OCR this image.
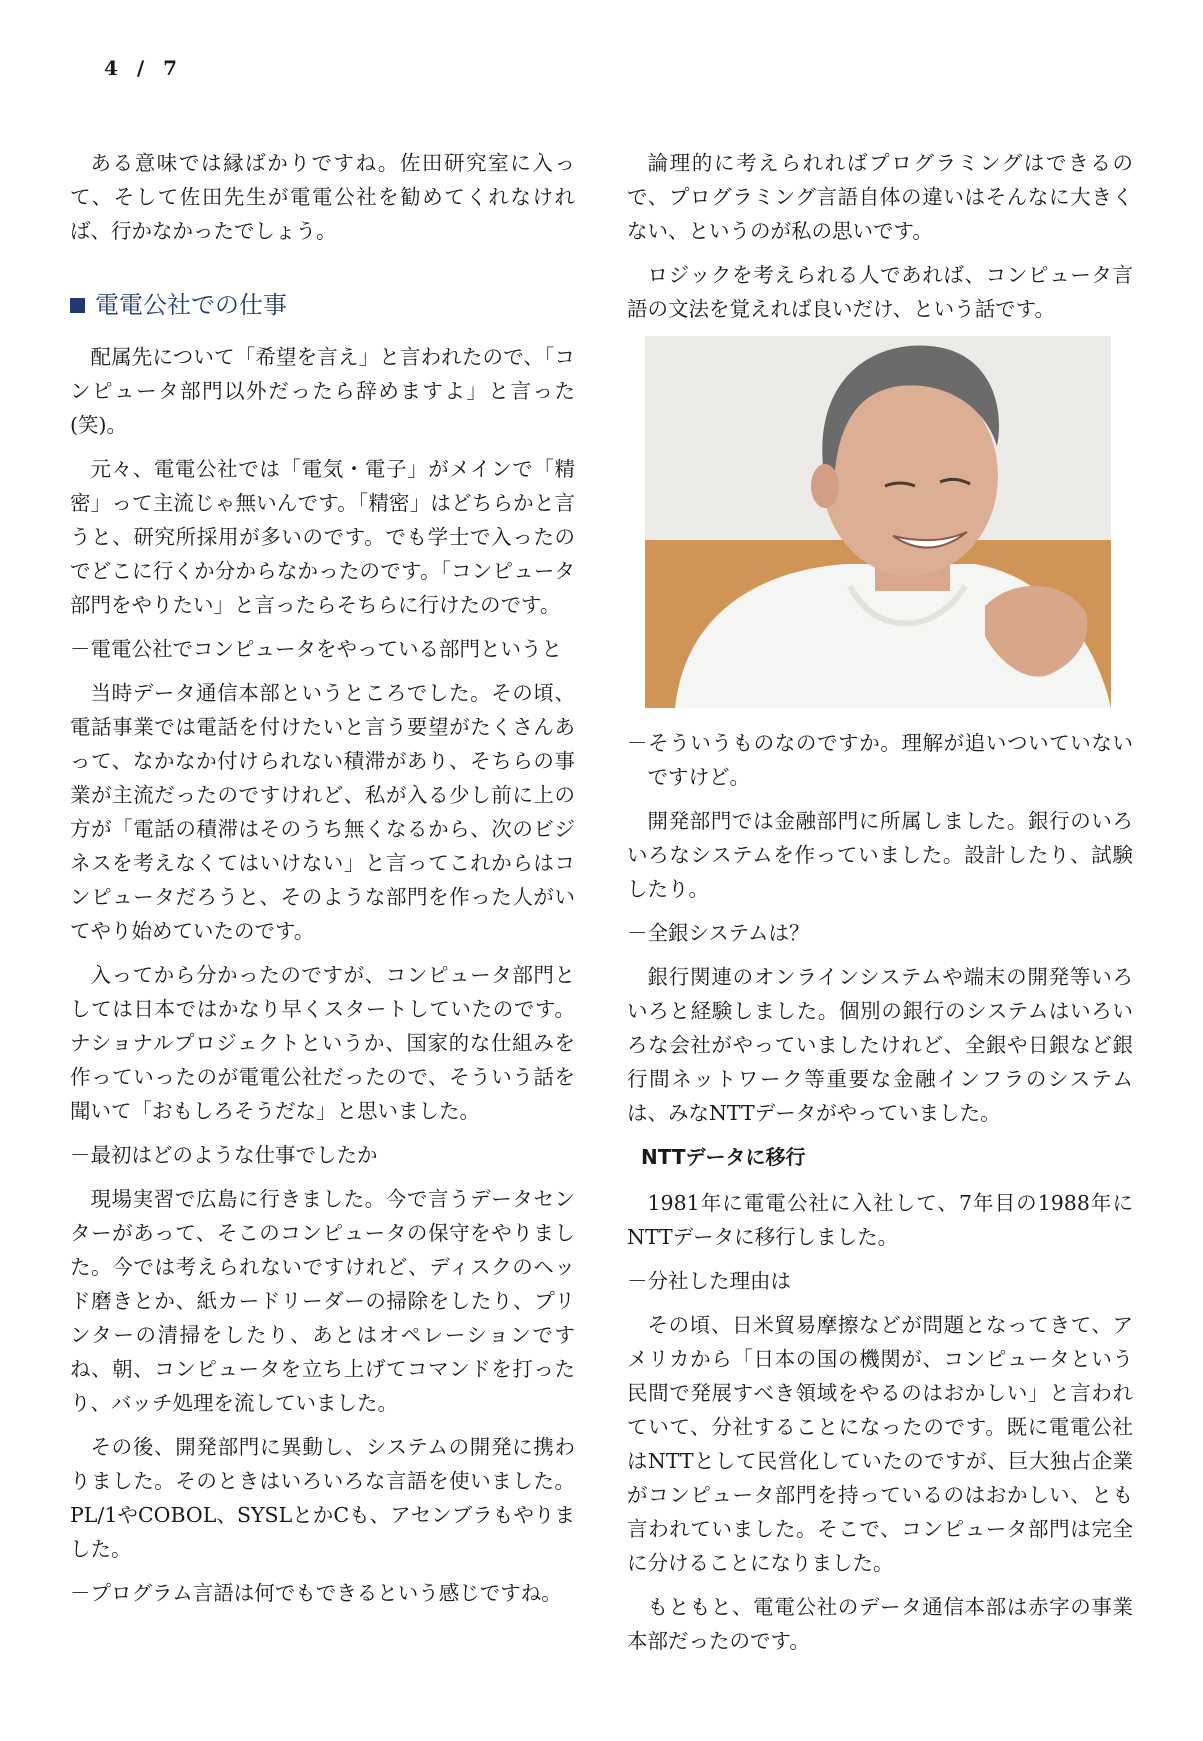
4 / 7

ある意味では縁ばかりですね。佐田研究室に入って、そして佐田先生が電電公社を勧めてくれなければ、行かなかったでしょう。

電電公社での仕事

配属先について「希望を言え」と言われたので、「コンピュータ部門以外だったら辞めますよ」と言った(笑)。

元々、電電公社では「電気・電子」がメインで「精密」って主流じゃ無いんです。「精密」はどちらかと言うと、研究所採用が多いのです。でも学士で入ったのでどこに行くか分からなかったのです。「コンピュータ部門をやりたい」と言ったらそちらに行けたのです。

－電電公社でコンピュータをやっている部門というと

当時データ通信本部というところでした。その頃、電話事業では電話を付けたいと言う要望がたくさんあって、なかなか付けられない積滞があり、そちらの事業が主流だったのですけれど、私が入る少し前に上の方が「電話の積滞はそのうち無くなるから、次のビジネスを考えなくてはいけない」と言ってこれからはコンピュータだろうと、そのような部門を作った人がいてやり始めていたのです。

入ってから分かったのですが、コンピュータ部門としては日本ではかなり早くスタートしていたのです。ナショナルプロジェクトというか、国家的な仕組みを作っていったのが電電公社だったので、そういう話を聞いて「おもしろそうだな」と思いました。

－最初はどのような仕事でしたか

現場実習で広島に行きました。今で言うデータセンターがあって、そこのコンピュータの保守をやりました。今では考えられないですけれど、ディスクのヘッド磨きとか、紙カードリーダーの掃除をしたり、プリンターの清掃をしたり、あとはオペレーションですね、朝、コンピュータを立ち上げてコマンドを打ったり、バッチ処理を流していました。

その後、開発部門に異動し、システムの開発に携わりました。そのときはいろいろな言語を使いました。PL/1やCOBOL、SYSLとかCも、アセンブラもやりました。

－プログラム言語は何でもできるという感じですね。

論理的に考えられればプログラミングはできるので、プログラミング言語自体の違いはそんなに大きくない、というのが私の思いです。

ロジックを考えられる人であれば、コンピュータ言語の文法を覚えれば良いだけ、という話です。

－そういうものなのですか。理解が追いついていないですけど。

開発部門では金融部門に所属しました。銀行のいろいろなシステムを作っていました。設計したり、試験したり。

－全銀システムは？

銀行関連のオンラインシステムや端末の開発等いろいろと経験しました。個別の銀行のシステムはいろいろな会社がやっていましたけれど、全銀や日銀など銀行間ネットワーク等重要な金融インフラのシステムは、みなNTTデータがやっていました。

NTTデータに移行

1981年に電電公社に入社して、7年目の1988年にNTTデータに移行しました。

－分社した理由は

その頃、日米貿易摩擦などが問題となってきて、アメリカから「日本の国の機関が、コンピュータという民間で発展すべき領域をやるのはおかしい」と言われていて、分社することになったのです。既に電電公社はNTTとして民営化していたのですが、巨大独占企業がコンピュータ部門を持っているのはおかしい、とも言われていました。そこで、コンピュータ部門は完全に分けることになりました。

もともと、電電公社のデータ通信本部は赤字の事業本部だったのです。
